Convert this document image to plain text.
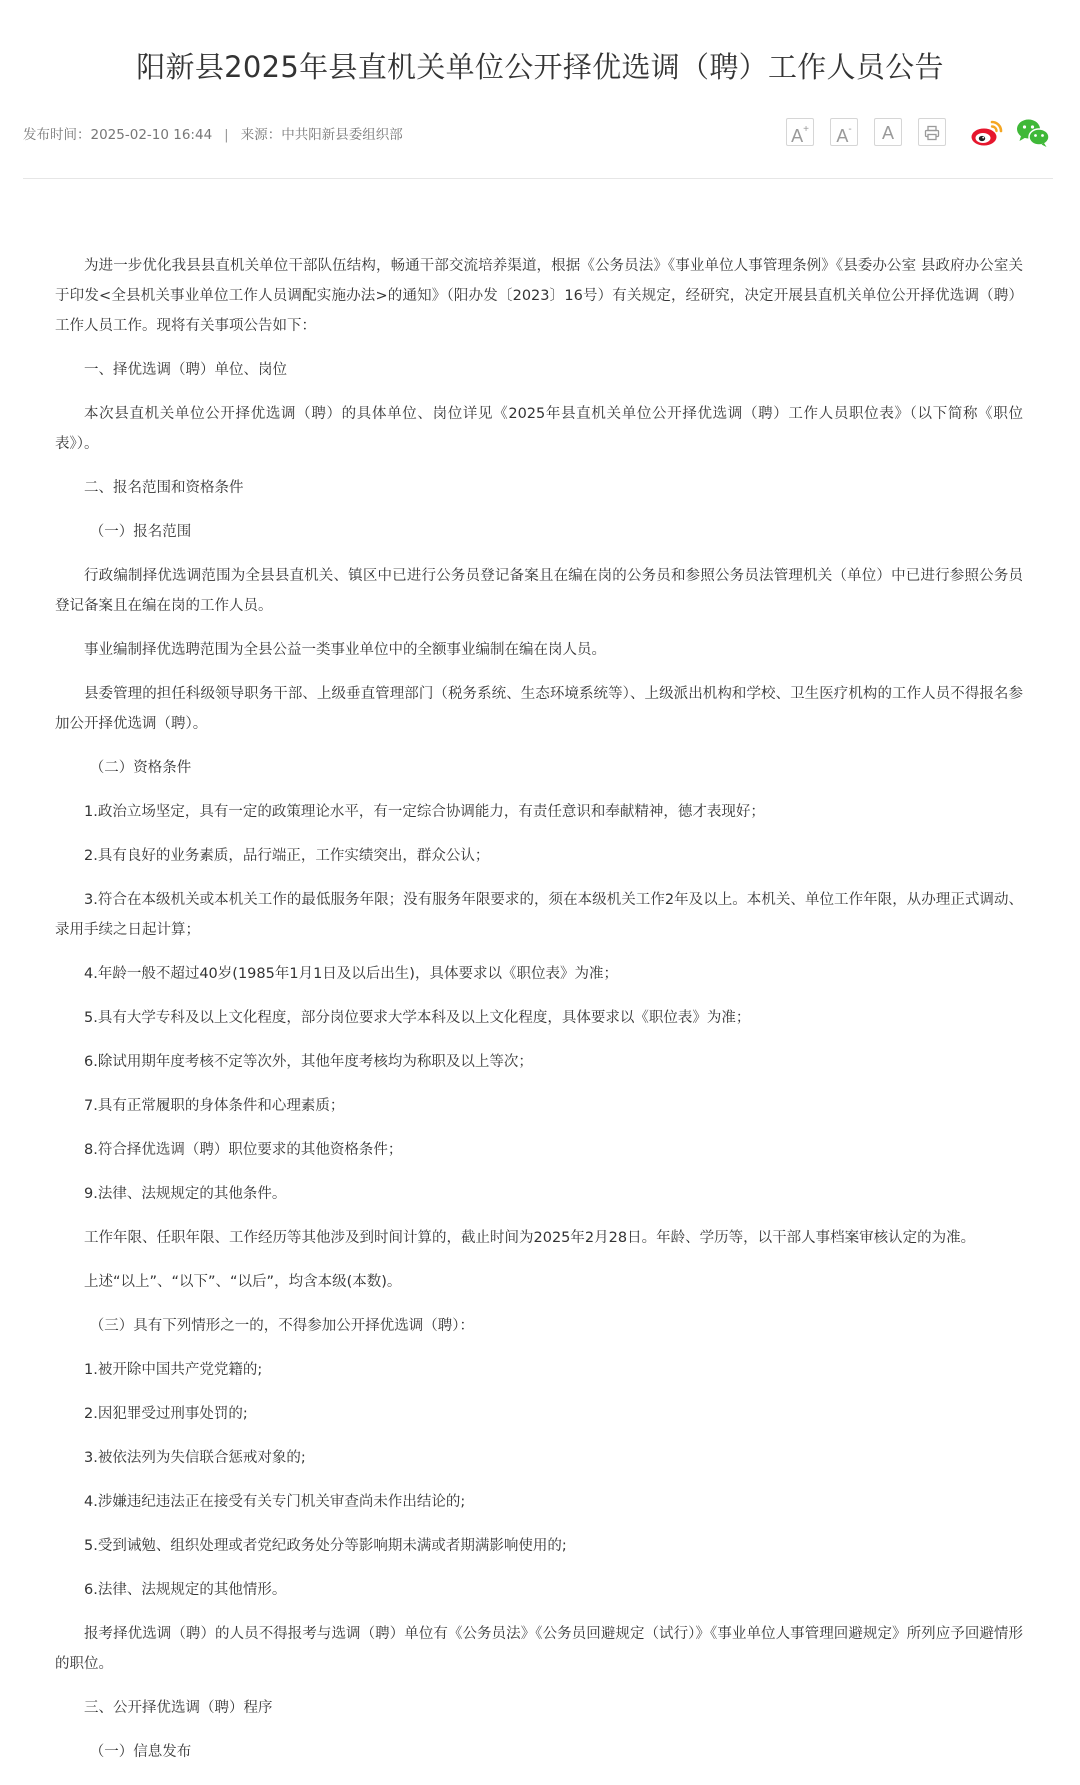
阳新县2025年县直机关单位公开择优选调（聘）工作人员公告
发布时间：2025-02-10 16:44 | 来源：中共阳新县委组织部	A+	A-	A

为进一步优化我县县直机关单位干部队伍结构，畅通干部交流培养渠道，根据《公务员法》《事业单位人事管理条例》《县委办公室 县政府办公室关于印发<全县机关事业单位工作人员调配实施办法>的通知》（阳办发〔2023〕16号）有关规定，经研究，决定开展县直机关单位公开择优选调（聘）工作人员工作。现将有关事项公告如下：

一、择优选调（聘）单位、岗位

本次县直机关单位公开择优选调（聘）的具体单位、岗位详见《2025年县直机关单位公开择优选调（聘）工作人员职位表》（以下简称《职位表》）。

二、报名范围和资格条件

（一）报名范围

行政编制择优选调范围为全县县直机关、镇区中已进行公务员登记备案且在编在岗的公务员和参照公务员法管理机关（单位）中已进行参照公务员登记备案且在编在岗的工作人员。

事业编制择优选聘范围为全县公益一类事业单位中的全额事业编制在编在岗人员。

县委管理的担任科级领导职务干部、上级垂直管理部门（税务系统、生态环境系统等）、上级派出机构和学校、卫生医疗机构的工作人员不得报名参加公开择优选调（聘）。

（二）资格条件

1.政治立场坚定，具有一定的政策理论水平，有一定综合协调能力，有责任意识和奉献精神，德才表现好；

2.具有良好的业务素质，品行端正，工作实绩突出，群众公认；

3.符合在本级机关或本机关工作的最低服务年限；没有服务年限要求的，须在本级机关工作2年及以上。本机关、单位工作年限，从办理正式调动、录用手续之日起计算；

4.年龄一般不超过40岁(1985年1月1日及以后出生)，具体要求以《职位表》为准；

5.具有大学专科及以上文化程度，部分岗位要求大学本科及以上文化程度，具体要求以《职位表》为准；

6.除试用期年度考核不定等次外，其他年度考核均为称职及以上等次；

7.具有正常履职的身体条件和心理素质；

8.符合择优选调（聘）职位要求的其他资格条件；

9.法律、法规规定的其他条件。

工作年限、任职年限、工作经历等其他涉及到时间计算的，截止时间为2025年2月28日。年龄、学历等，以干部人事档案审核认定的为准。

上述“以上”、“以下”、“以后”，均含本级(本数)。

（三）具有下列情形之一的，不得参加公开择优选调（聘）：

1.被开除中国共产党党籍的;

2.因犯罪受过刑事处罚的;

3.被依法列为失信联合惩戒对象的;

4.涉嫌违纪违法正在接受有关专门机关审查尚未作出结论的;

5.受到诫勉、组织处理或者党纪政务处分等影响期未满或者期满影响使用的;

6.法律、法规规定的其他情形。

报考择优选调（聘）的人员不得报考与选调（聘）单位有《公务员法》《公务员回避规定（试行）》《事业单位人事管理回避规定》所列应予回避情形的职位。

三、公开择优选调（聘）程序

（一）信息发布
